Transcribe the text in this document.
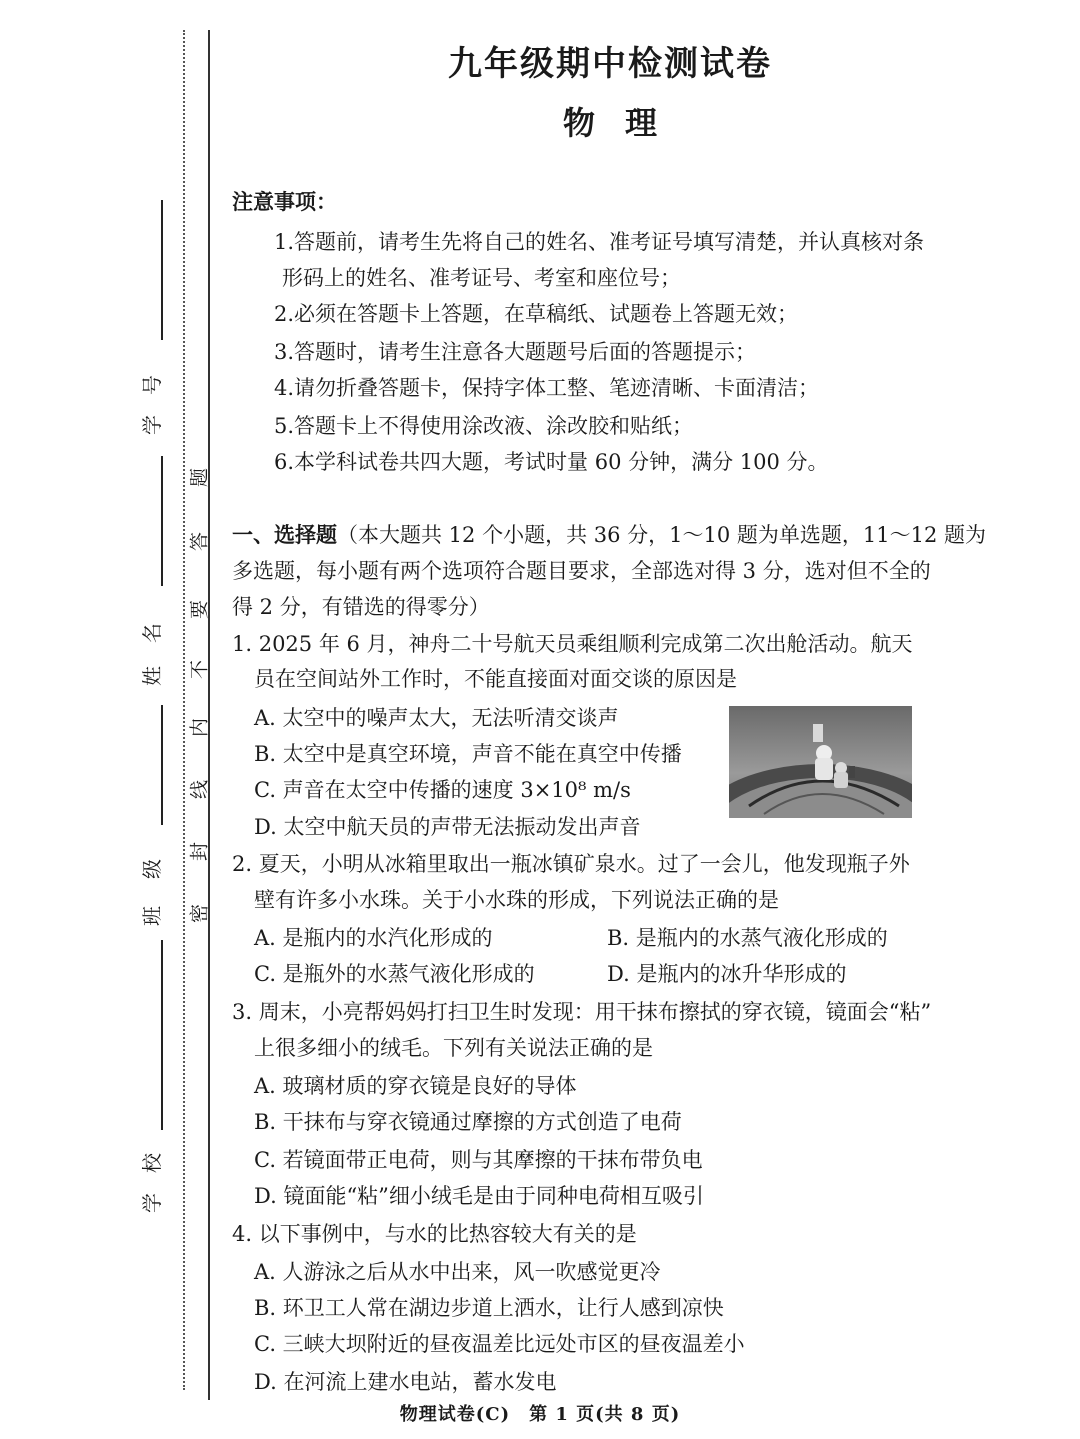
学
号
姓
名
班
级
学
校
密
封
线
内
不
要
答
题
九年级期中检测试卷
物理
注意事项：
1.答题前，请考生先将自己的姓名、准考证号填写清楚，并认真核对条
形码上的姓名、准考证号、考室和座位号；
2.必须在答题卡上答题，在草稿纸、试题卷上答题无效；
3.答题时，请考生注意各大题题号后面的答题提示；
4.请勿折叠答题卡，保持字体工整、笔迹清晰、卡面清洁；
5.答题卡上不得使用涂改液、涂改胶和贴纸；
6.本学科试卷共四大题，考试时量 60 分钟，满分 100 分。
一、选择题（本大题共 12 个小题，共 36 分，1～10 题为单选题，11～12 题为
多选题，每小题有两个选项符合题目要求，全部选对得 3 分，选对但不全的
得 2 分，有错选的得零分）
1. 2025 年 6 月，神舟二十号航天员乘组顺利完成第二次出舱活动。航天
员在空间站外工作时，不能直接面对面交谈的原因是
A. 太空中的噪声太大，无法听清交谈声
B. 太空中是真空环境，声音不能在真空中传播
C. 声音在太空中传播的速度 3×10⁸ m/s
D. 太空中航天员的声带无法振动发出声音
2. 夏天，小明从冰箱里取出一瓶冰镇矿泉水。过了一会儿，他发现瓶子外
壁有许多小水珠。关于小水珠的形成，下列说法正确的是
A. 是瓶内的水汽化形成的	B. 是瓶内的水蒸气液化形成的
C. 是瓶外的水蒸气液化形成的	D. 是瓶内的冰升华形成的
3. 周末，小亮帮妈妈打扫卫生时发现：用干抹布擦拭的穿衣镜，镜面会“粘”
上很多细小的绒毛。下列有关说法正确的是
A. 玻璃材质的穿衣镜是良好的导体
B. 干抹布与穿衣镜通过摩擦的方式创造了电荷
C. 若镜面带正电荷，则与其摩擦的干抹布带负电
D. 镜面能“粘”细小绒毛是由于同种电荷相互吸引
4. 以下事例中，与水的比热容较大有关的是
A. 人游泳之后从水中出来，风一吹感觉更冷
B. 环卫工人常在湖边步道上洒水，让行人感到凉快
C. 三峡大坝附近的昼夜温差比远处市区的昼夜温差小
D. 在河流上建水电站，蓄水发电
物理试卷(C)　第 1 页(共 8 页)
